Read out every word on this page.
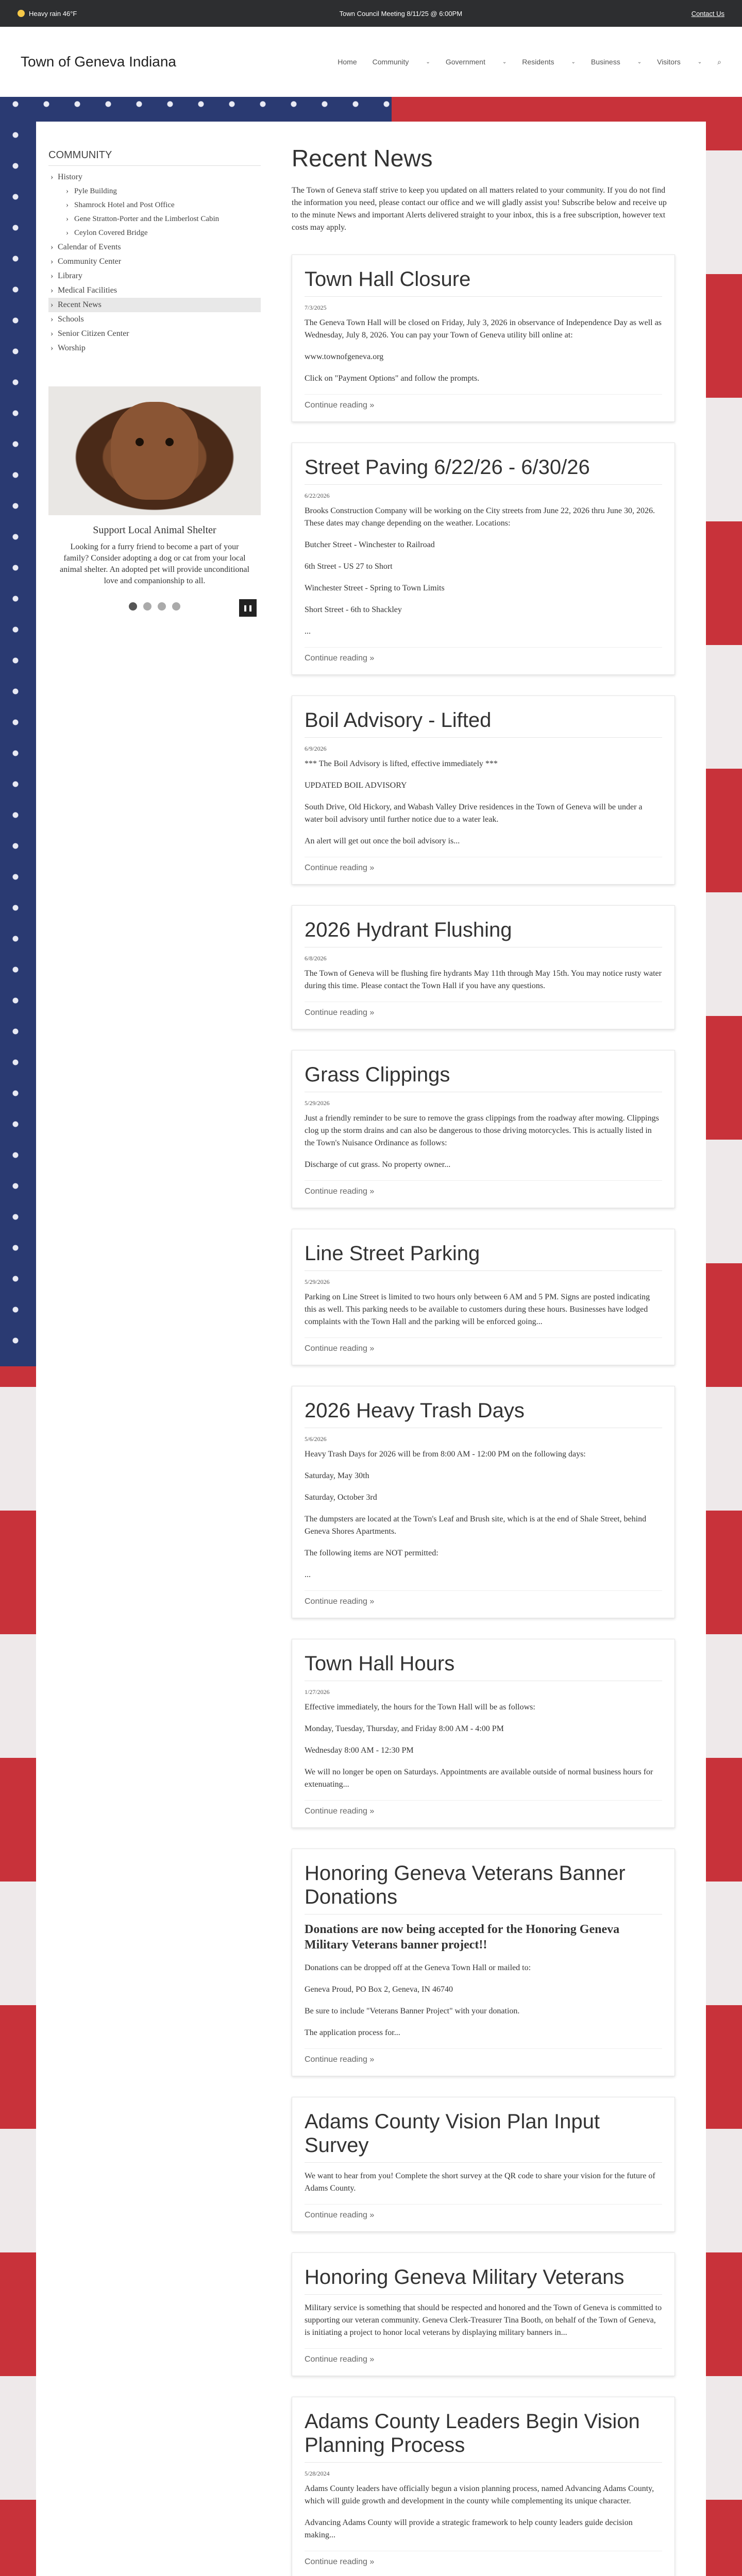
Heavy rain 46°F	Town Council Meeting 8/11/25 @ 6:00PM	Contact Us
Town of Geneva Indiana	Home Community	⌄ Government	⌄ Residents	⌄ Business	⌄ Visitors	⌄ ⌕
COMMUNITY
› History
› Pyle Building
› Shamrock Hotel and Post Office
› Gene Stratton-Porter and the Limberlost Cabin
› Ceylon Covered Bridge
› Calendar of Events
› Community Center
› Library
› Medical Facilities
› Recent News
› Schools
› Senior Citizen Center
› Worship
Support Local Animal Shelter
Looking for a furry friend to become a part of your family? Consider adopting a dog or cat from your local animal shelter. An adopted pet will provide unconditional love and companionship to all.
❚❚
Recent News
The Town of Geneva staff strive to keep you updated on all matters related to your community. If you do not find the information you need, please contact our office and we will gladly assist you! Subscribe below and receive up to the minute News and important Alerts delivered straight to your inbox, this is a free subscription, however text costs may apply.
Town Hall Closure
7/3/2025

The Geneva Town Hall will be closed on Friday, July 3, 2026 in observance of Independence Day as well as Wednesday, July 8, 2026. You can pay your Town of Geneva utility bill online at:

www.townofgeneva.org

Click on "Payment Options" and follow the prompts.

Continue reading »
Street Paving 6/22/26 - 6/30/26
6/22/2026

Brooks Construction Company will be working on the City streets from June 22, 2026 thru June 30, 2026. These dates may change depending on the weather. Locations:

Butcher Street - Winchester to Railroad

6th Street - US 27 to Short

Winchester Street - Spring to Town Limits

Short Street - 6th to Shackley

...

Continue reading »
Boil Advisory - Lifted
6/9/2026

*** The Boil Advisory is lifted, effective immediately ***

UPDATED BOIL ADVISORY

South Drive, Old Hickory, and Wabash Valley Drive residences in the Town of Geneva will be under a water boil advisory until further notice due to a water leak.

An alert will get out once the boil advisory is...

Continue reading »
2026 Hydrant Flushing
6/8/2026

The Town of Geneva will be flushing fire hydrants May 11th through May 15th. You may notice rusty water during this time. Please contact the Town Hall if you have any questions.

Continue reading »
Grass Clippings
5/29/2026

Just a friendly reminder to be sure to remove the grass clippings from the roadway after mowing. Clippings clog up the storm drains and can also be dangerous to those driving motorcycles. This is actually listed in the Town's Nuisance Ordinance as follows:

Discharge of cut grass. No property owner...

Continue reading »
Line Street Parking
5/29/2026

Parking on Line Street is limited to two hours only between 6 AM and 5 PM. Signs are posted indicating this as well. This parking needs to be available to customers during these hours. Businesses have lodged complaints with the Town Hall and the parking will be enforced going...

Continue reading »
2026 Heavy Trash Days
5/6/2026

Heavy Trash Days for 2026 will be from 8:00 AM - 12:00 PM on the following days:

Saturday, May 30th

Saturday, October 3rd

The dumpsters are located at the Town's Leaf and Brush site, which is at the end of Shale Street, behind Geneva Shores Apartments.

The following items are NOT permitted:

...

Continue reading »
Town Hall Hours
1/27/2026

Effective immediately, the hours for the Town Hall will be as follows:

Monday, Tuesday, Thursday, and Friday 8:00 AM - 4:00 PM

Wednesday 8:00 AM - 12:30 PM

We will no longer be open on Saturdays. Appointments are available outside of normal business hours for extenuating...

Continue reading »
Honoring Geneva Veterans Banner Donations

Donations are now being accepted for the Honoring Geneva Military Veterans banner project!!

Donations can be dropped off at the Geneva Town Hall or mailed to:

Geneva Proud, PO Box 2, Geneva, IN 46740

Be sure to include "Veterans Banner Project" with your donation.

The application process for...

Continue reading »
Adams County Vision Plan Input Survey

We want to hear from you! Complete the short survey at the QR code to share your vision for the future of Adams County.

Continue reading »
Honoring Geneva Military Veterans

Military service is something that should be respected and honored and the Town of Geneva is committed to supporting our veteran community. Geneva Clerk-Treasurer Tina Booth, on behalf of the Town of Geneva, is initiating a project to honor local veterans by displaying military banners in...

Continue reading »
Adams County Leaders Begin Vision Planning Process
5/28/2024

Adams County leaders have officially begun a vision planning process, named Advancing Adams County, which will guide growth and development in the county while complementing its unique character.

Advancing Adams County will provide a strategic framework to help county leaders guide decision making...

Continue reading »
